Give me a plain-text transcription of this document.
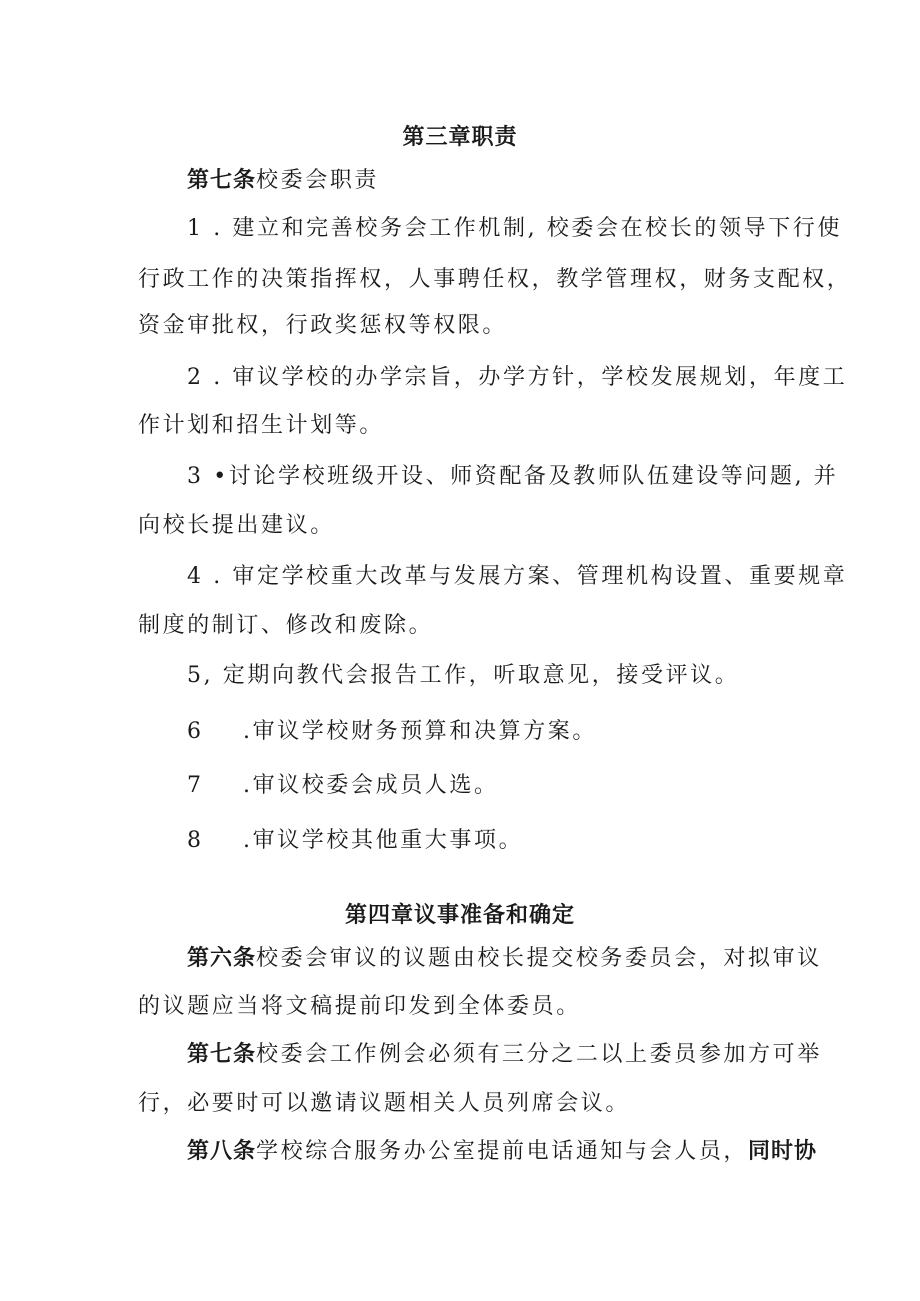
第三章职责
第七条校委会职责
1 . 建立和完善校务会工作机制, 校委会在校长的领导下行使
行政工作的决策指挥权，人事聘任权，教学管理权，财务支配权，
资金审批权，行政奖惩权等权限。
2 . 审议学校的办学宗旨，办学方针，学校发展规划，年度工
作计划和招生计划等。
3 •讨论学校班级开设、师资配备及教师队伍建设等问题, 并
向校长提出建议。
4 . 审定学校重大改革与发展方案、管理机构设置、重要规章
制度的制订、修改和废除。
5, 定期向教代会报告工作，听取意见，接受评议。
6 .审议学校财务预算和决算方案。
7 .审议校委会成员人选。
8 .审议学校其他重大事项。
第四章议事准备和确定
第六条校委会审议的议题由校长提交校务委员会，对拟审议
的议题应当将文稿提前印发到全体委员。
第七条校委会工作例会必须有三分之二以上委员参加方可举
行，必要时可以邀请议题相关人员列席会议。
第八条学校综合服务办公室提前电话通知与会人员，同时协
